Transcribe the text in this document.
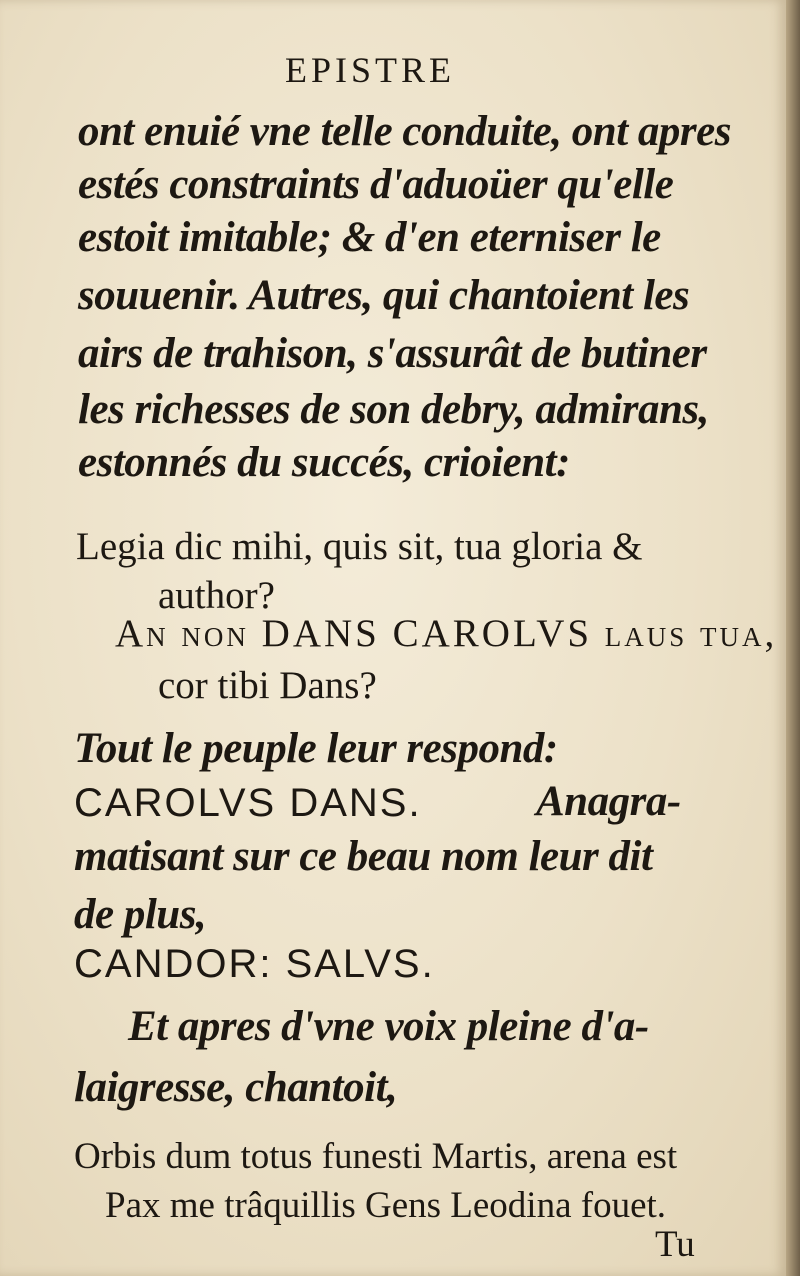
EPISTRE
ont enuié vne telle conduite, ont apres
estés constraints d'aduoüer qu'elle
estoit imitable; & d'en eterniser le
souuenir. Autres, qui chantoient les
airs de trahison, s'assurât de butiner
les richesses de son debry, admirans,
estonnés du succés, crioient:
Legia dic mihi, quis sit, tua gloria &
author?
An non DANS CAROLVS laus tua,
cor tibi Dans?
Tout le peuple leur respond:
CAROLVS DANS.	Anagra-
matisant sur ce beau nom leur dit
de plus,
CANDOR: SALVS.
Et apres d'vne voix pleine d'a-
laigresse, chantoit,
Orbis dum totus funesti Martis, arena est
Pax me trâquillis Gens Leodina fouet.
Tu
